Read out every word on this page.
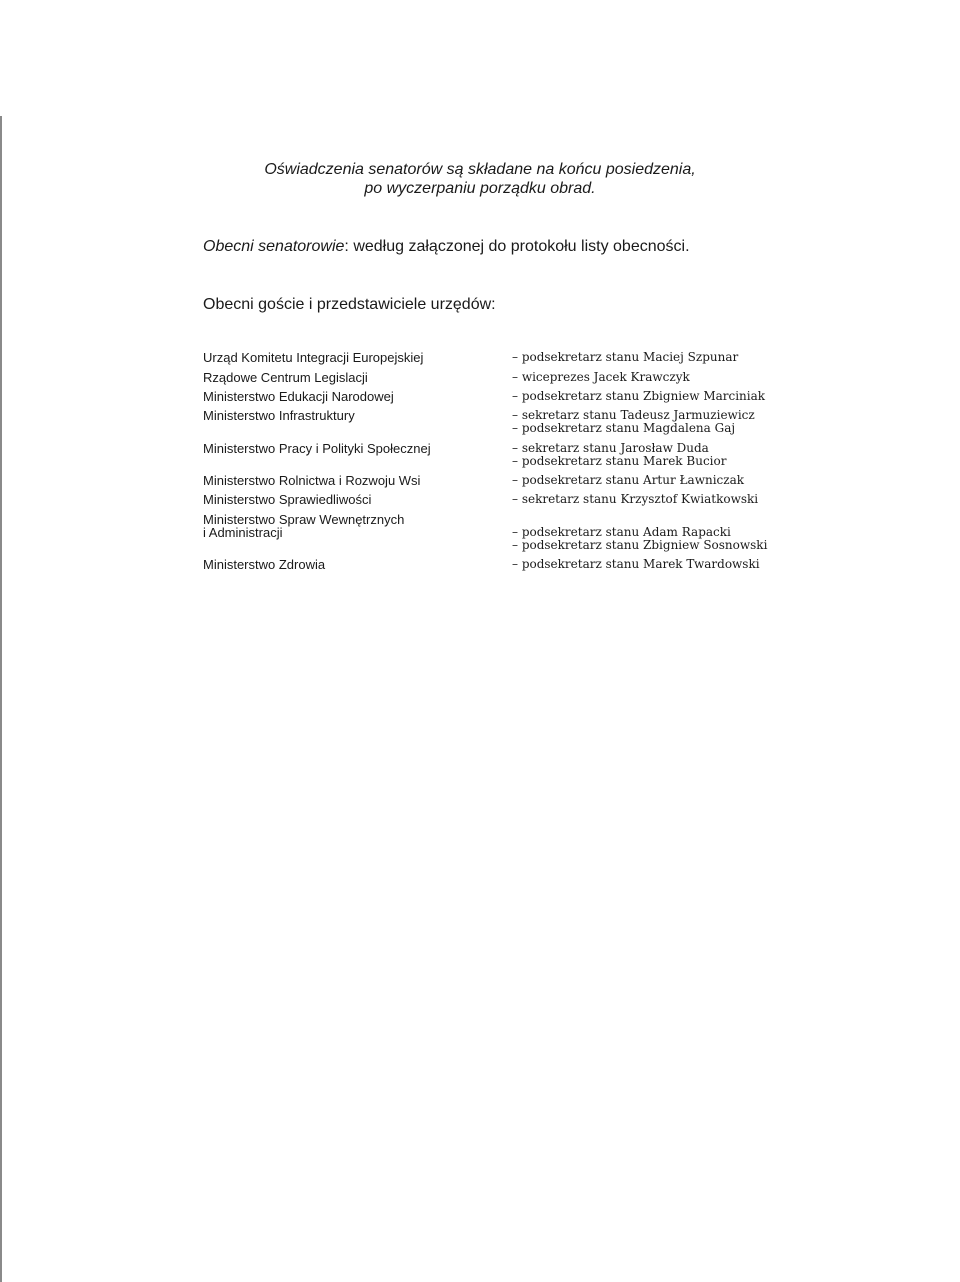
Oświadczenia senatorów są składane na końcu posiedzenia,
po wyczerpaniu porządku obrad.
Obecni senatorowie: według załączonej do protokołu listy obecności.
Obecni goście i przedstawiciele urzędów:
Urząd Komitetu Integracji Europejskiej	– podsekretarz stanu Maciej Szpunar
Rządowe Centrum Legislacji	– wiceprezes Jacek Krawczyk
Ministerstwo Edukacji Narodowej	– podsekretarz stanu Zbigniew Marciniak
Ministerstwo Infrastruktury	– sekretarz stanu Tadeusz Jarmuziewicz
– podsekretarz stanu Magdalena Gaj
Ministerstwo Pracy i Polityki Społecznej	– sekretarz stanu Jarosław Duda
– podsekretarz stanu Marek Bucior
Ministerstwo Rolnictwa i Rozwoju Wsi	– podsekretarz stanu Artur Ławniczak
Ministerstwo Sprawiedliwości	– sekretarz stanu Krzysztof Kwiatkowski
Ministerstwo Spraw Wewnętrznych
i Administracji	– podsekretarz stanu Adam Rapacki
– podsekretarz stanu Zbigniew Sosnowski
Ministerstwo Zdrowia	– podsekretarz stanu Marek Twardowski
